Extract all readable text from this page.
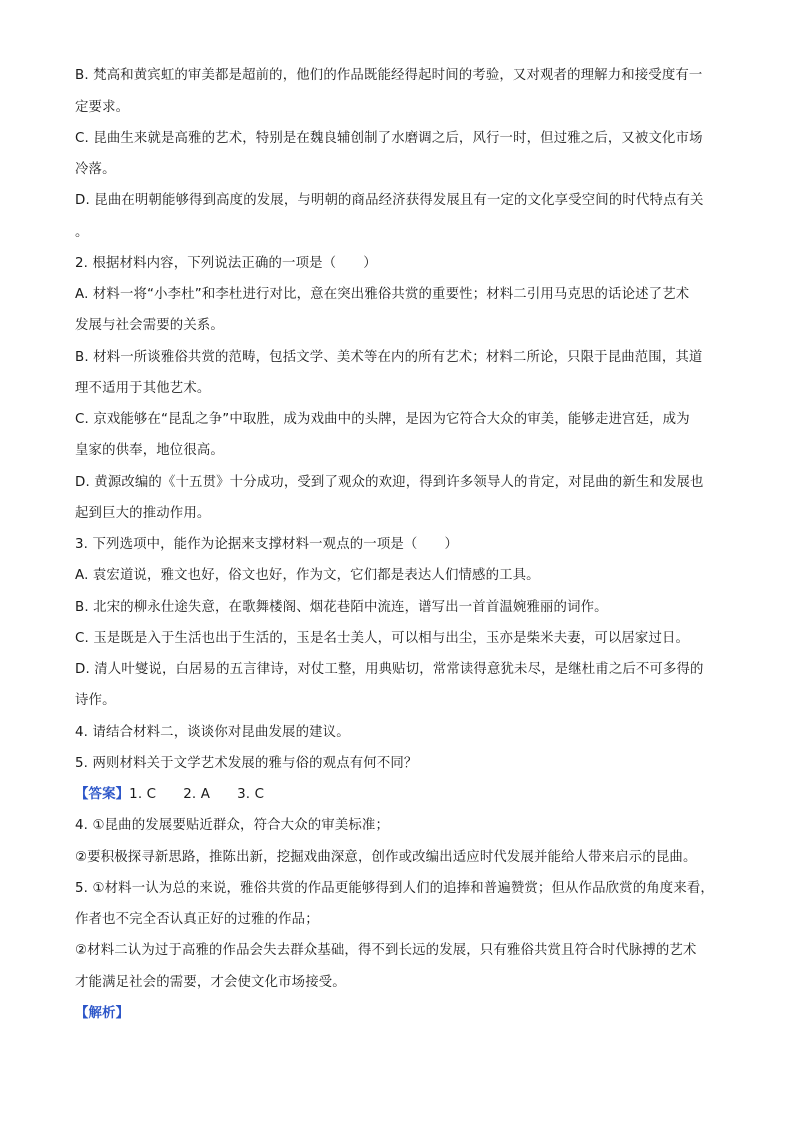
B. 梵高和黄宾虹的审美都是超前的，他们的作品既能经得起时间的考验，又对观者的理解力和接受度有一
定要求。
C. 昆曲生来就是高雅的艺术，特别是在魏良辅创制了水磨调之后，风行一时，但过雅之后，又被文化市场
冷落。
D. 昆曲在明朝能够得到高度的发展，与明朝的商品经济获得发展且有一定的文化享受空间的时代特点有关
。
2. 根据材料内容，下列说法正确的一项是（　　）
A. 材料一将“小李杜”和李杜进行对比，意在突出雅俗共赏的重要性；材料二引用马克思的话论述了艺术
发展与社会需要的关系。
B. 材料一所谈雅俗共赏的范畴，包括文学、美术等在内的所有艺术；材料二所论，只限于昆曲范围，其道
理不适用于其他艺术。
C. 京戏能够在“昆乱之争”中取胜，成为戏曲中的头牌，是因为它符合大众的审美，能够走进宫廷，成为
皇家的供奉，地位很高。
D. 黄源改编的《十五贯》十分成功，受到了观众的欢迎，得到许多领导人的肯定，对昆曲的新生和发展也
起到巨大的推动作用。
3. 下列选项中，能作为论据来支撑材料一观点的一项是（　　）
A. 袁宏道说，雅文也好，俗文也好，作为文，它们都是表达人们情感的工具。
B. 北宋的柳永仕途失意，在歌舞楼阁、烟花巷陌中流连，谱写出一首首温婉雅丽的词作。
C. 玉是既是入于生活也出于生活的，玉是名士美人，可以相与出尘，玉亦是柴米夫妻，可以居家过日。
D. 清人叶燮说，白居易的五言律诗，对仗工整，用典贴切，常常读得意犹未尽，是继杜甫之后不可多得的
诗作。
4. 请结合材料二，谈谈你对昆曲发展的建议。
5. 两则材料关于文学艺术发展的雅与俗的观点有何不同？
【答案】1. C　　2. A　　3. C
4. ①昆曲的发展要贴近群众，符合大众的审美标准；
②要积极探寻新思路，推陈出新，挖掘戏曲深意，创作或改编出适应时代发展并能给人带来启示的昆曲。
5. ①材料一认为总的来说，雅俗共赏的作品更能够得到人们的追捧和普遍赞赏；但从作品欣赏的角度来看，
作者也不完全否认真正好的过雅的作品；
②材料二认为过于高雅的作品会失去群众基础，得不到长远的发展，只有雅俗共赏且符合时代脉搏的艺术
才能满足社会的需要，才会使文化市场接受。
【解析】
